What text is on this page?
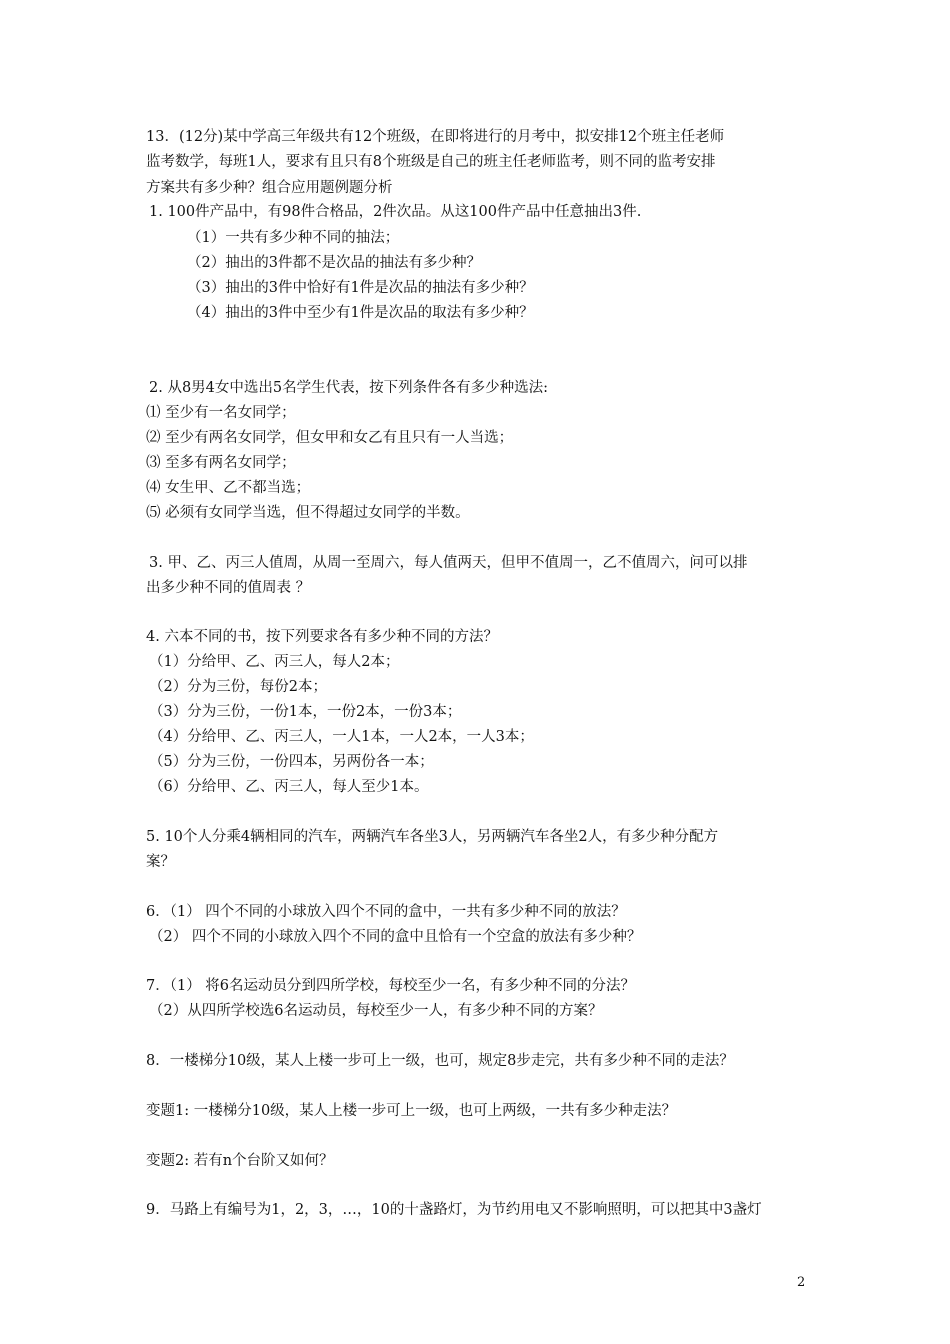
13．(12分)某中学高三年级共有12个班级，在即将进行的月考中，拟安排12个班主任老师
监考数学，每班1人，要求有且只有8个班级是自己的班主任老师监考，则不同的监考安排
方案共有多少种？组合应用题例题分析
1. 100件产品中，有98件合格品，2件次品。从这100件产品中任意抽出3件.
（1）一共有多少种不同的抽法；
（2）抽出的3件都不是次品的抽法有多少种？
（3）抽出的3件中恰好有1件是次品的抽法有多少种？
（4）抽出的3件中至少有1件是次品的取法有多少种？
2. 从8男4女中选出5名学生代表，按下列条件各有多少种选法:
⑴ 至少有一名女同学；
⑵ 至少有两名女同学，但女甲和女乙有且只有一人当选；
⑶ 至多有两名女同学；
⑷ 女生甲、乙不都当选；
⑸ 必须有女同学当选，但不得超过女同学的半数。
3. 甲、乙、丙三人值周，从周一至周六，每人值两天，但甲不值周一，乙不值周六，问可以排
出多少种不同的值周表 ？
4. 六本不同的书，按下列要求各有多少种不同的方法？
（1）分给甲、乙、丙三人，每人2本；
（2）分为三份，每份2本；
（3）分为三份，一份1本，一份2本，一份3本；
（4）分给甲、乙、丙三人，一人1本，一人2本，一人3本；
（5）分为三份，一份四本，另两份各一本；
（6）分给甲、乙、丙三人，每人至少1本。
5. 10个人分乘4辆相同的汽车，两辆汽车各坐3人，另两辆汽车各坐2人，有多少种分配方
案？
6．（1） 四个不同的小球放入四个不同的盒中，一共有多少种不同的放法？
（2） 四个不同的小球放入四个不同的盒中且恰有一个空盒的放法有多少种？
7．（1） 将6名运动员分到四所学校，每校至少一名，有多少种不同的分法？
（2）从四所学校选6名运动员，每校至少一人，有多少种不同的方案？
8．一楼梯分10级，某人上楼一步可上一级，也可，规定8步走完，共有多少种不同的走法？
变题1: 一楼梯分10级，某人上楼一步可上一级，也可上两级，一共有多少种走法？
变题2: 若有n个台阶又如何？
9．马路上有编号为1，2，3，…，10的十盏路灯，为节约用电又不影响照明，可以把其中3盏灯
2
